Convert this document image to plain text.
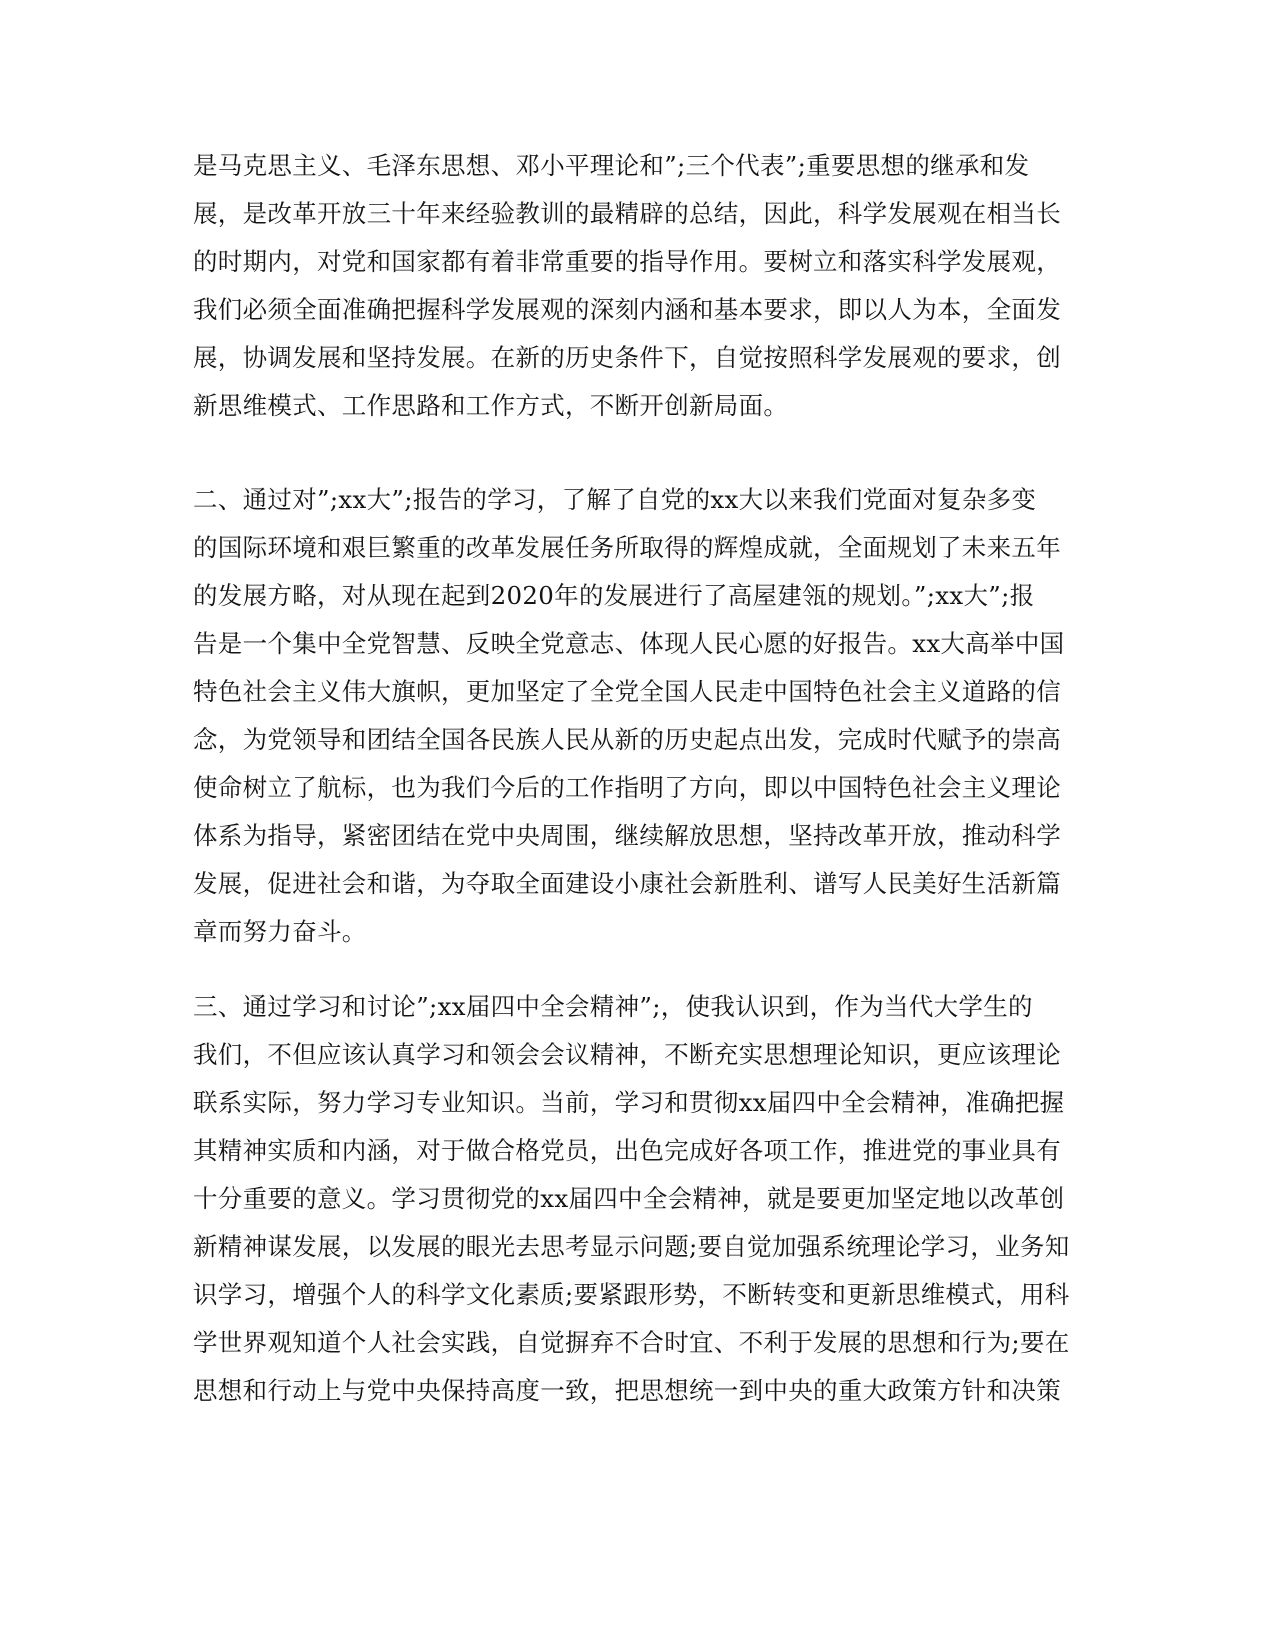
是马克思主义、毛泽东思想、邓小平理论和”;三个代表”;重要思想的继承和发
展，是改革开放三十年来经验教训的最精辟的总结，因此，科学发展观在相当长
的时期内，对党和国家都有着非常重要的指导作用。要树立和落实科学发展观，
我们必须全面准确把握科学发展观的深刻内涵和基本要求，即以人为本，全面发
展，协调发展和坚持发展。在新的历史条件下，自觉按照科学发展观的要求，创
新思维模式、工作思路和工作方式，不断开创新局面。
二、通过对”;xx大”;报告的学习，了解了自党的xx大以来我们党面对复杂多变
的国际环境和艰巨繁重的改革发展任务所取得的辉煌成就，全面规划了未来五年
的发展方略，对从现在起到2020年的发展进行了高屋建瓴的规划。”;xx大”;报
告是一个集中全党智慧、反映全党意志、体现人民心愿的好报告。xx大高举中国
特色社会主义伟大旗帜，更加坚定了全党全国人民走中国特色社会主义道路的信
念，为党领导和团结全国各民族人民从新的历史起点出发，完成时代赋予的崇高
使命树立了航标，也为我们今后的工作指明了方向，即以中国特色社会主义理论
体系为指导，紧密团结在党中央周围，继续解放思想，坚持改革开放，推动科学
发展，促进社会和谐，为夺取全面建设小康社会新胜利、谱写人民美好生活新篇
章而努力奋斗。
三、通过学习和讨论”;xx届四中全会精神”;，使我认识到，作为当代大学生的
我们，不但应该认真学习和领会会议精神，不断充实思想理论知识，更应该理论
联系实际，努力学习专业知识。当前，学习和贯彻xx届四中全会精神，准确把握
其精神实质和内涵，对于做合格党员，出色完成好各项工作，推进党的事业具有
十分重要的意义。学习贯彻党的xx届四中全会精神，就是要更加坚定地以改革创
新精神谋发展，以发展的眼光去思考显示问题;要自觉加强系统理论学习，业务知
识学习，增强个人的科学文化素质;要紧跟形势，不断转变和更新思维模式，用科
学世界观知道个人社会实践，自觉摒弃不合时宜、不利于发展的思想和行为;要在
思想和行动上与党中央保持高度一致，把思想统一到中央的重大政策方针和决策
